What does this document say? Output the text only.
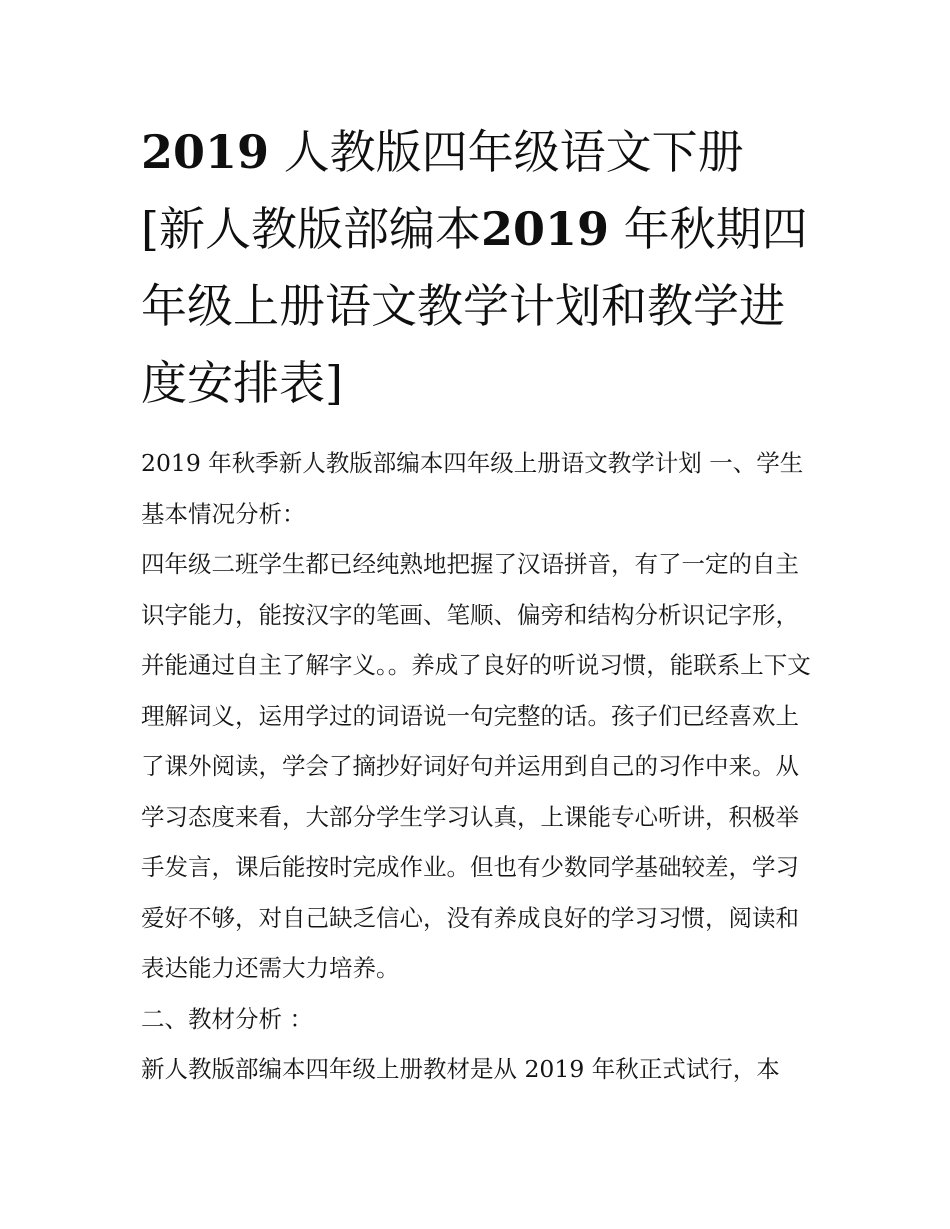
2019 人教版四年级语文下册
[新人教版部编本2019 年秋期四年级上册语文教学计划和教学进度安排表]

2019 年秋季新人教版部编本四年级上册语文教学计划 一、学生基本情况分析：

四年级二班学生都已经纯熟地把握了汉语拼音，有了一定的自主识字能力，能按汉字的笔画、笔顺、偏旁和结构分析识记字形，并能通过自主了解字义。。养成了良好的听说习惯，能联系上下文理解词义，运用学过的词语说一句完整的话。孩子们已经喜欢上了课外阅读，学会了摘抄好词好句并运用到自己的习作中来。从学习态度来看，大部分学生学习认真，上课能专心听讲，积极举手发言，课后能按时完成作业。但也有少数同学基础较差，学习爱好不够，对自己缺乏信心，没有养成良好的学习习惯，阅读和表达能力还需大力培养。

二、教材分析 ：

新人教版部编本四年级上册教材是从 2019 年秋正式试行，本
